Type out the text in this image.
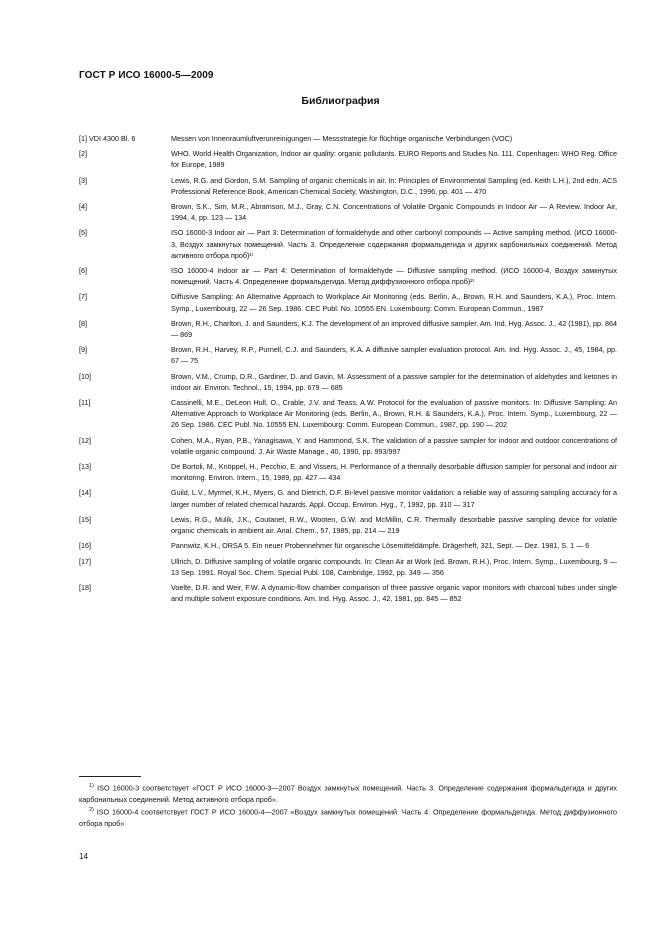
ГОСТ Р ИСО 16000-5—2009
Библиография
[1] VDI 4300 Bl. 6	Messen von Innenraumluftverunreinigungen — Messstrategie für flüchtige organische Verbindungen (VOC)
[2]	WHO. World Health Organization, Indoor air quality: organic pollutants. EURO Reports and Studies No. 111. Copenhagen: WHO Reg. Office for Europe, 1989
[3]	Lewis, R.G. and Gordon, S.M. Sampling of organic chemicals in air. In: Principles of Environmental Sampling (ed. Keith L.H.), 2nd edn. ACS Professional Reference Book, American Chemical Society, Washington, D.C., 1996, pp. 401 — 470
[4]	Brown, S.K., Sim, M.R., Abramson, M.J., Gray, C.N. Concentrations of Volatile Organic Compounds in Indoor Air — A Review. Indoor Air, 1994, 4, pp. 123 — 134
[5]	ISO 16000-3 Indoor air — Part 3: Determination of formaldehyde and other carbonyl compounds — Active sampling method. (ИСО 16000-3, Воздух замкнутых помещений. Часть 3. Определение содержания формальдегида и других карбонильных соединений. Метод активного отбора проб)¹⁾
[6]	ISO 16000-4 Indoor air — Part 4: Determination of formaldehyde — Diffusive sampling method. (ИСО 16000-4, Воздух замкнутых помещений. Часть 4. Определение формальдегида. Метод диффузионного отбора проб)²⁾
[7]	Diffusive Sampling: An Alternative Approach to Workplace Air Monitoring (eds. Berlin, A., Brown, R.H. and Saunders, K.A.), Proc. Intern. Symp., Luxembourg, 22 — 26 Sep. 1986. CEC Publ. No. 10555 EN. Luxembourg: Comm. European Commun., 1987
[8]	Brown, R.H., Charlton, J. and Saunders, K.J. The development of an improved diffusive sampler. Am. Ind. Hyg. Assoc. J., 42 (1981), pp. 864 — 869
[9]	Brown, R.H., Harvey, R.P., Purnell, C.J. and Saunders, K.A. A diffusive sampler evaluation protocol. Am. Ind. Hyg. Assoc. J., 45, 1984, pp. 67 — 75
[10]	Brown, V.M., Crump, D.R., Gardiner, D. and Gavin, M. Assessment of a passive sampler for the determination of aldehydes and ketones in indoor air. Environ. Technol., 15, 1994, pp. 679 — 685
[11]	Cassinelli, M.E., DeLeon Hull, O., Crable, J.V. and Teass, A.W. Protocol for the evaluation of passive monitors. In: Diffusive Sampling: An Alternative Approach to Workplace Air Monitoring (eds. Berlin, A., Brown, R.H. & Saunders, K.A.), Proc. Intern. Symp., Luxembourg, 22 — 26 Sep. 1986. CEC Publ. No. 10555 EN. Luxembourg: Comm. European Commun., 1987, pp. 190 — 202
[12]	Cohen, M.A., Ryan, P.B., Yanagisawa, Y. and Hammond, S.K. The validation of a passive sampler for indoor and outdoor concentrations of volatile organic compound. J. Air Waste Manage., 40, 1990, pp. 993/997
[13]	De Bortoli, M., Knöppel, H., Pecchio, E. and Vissers, H. Performance of a thermally desorbable diffusion sampler for personal and indoor air monitoring. Environ. Intern., 15, 1989, pp. 427 — 434
[14]	Guild, L.V., Myrmel, K.H., Myers, G. and Dietrich, D.F. Bi-level passive monitor validation: a reliable way of assuring sampling accuracy for a larger number of related chemical hazards. Appl. Occup. Environ. Hyg., 7, 1992, pp. 310 — 317
[15]	Lewis, R.G., Mulik, J.K., Coutanet, R.W., Wooten, G.W. and McMillin, C.R. Thermally desorbable passive sampling device for volatile organic chemicals in ambient air. Anal. Chem., 57, 1985, pp. 214 — 219
[16]	Pannwitz, K.H., ORSA 5. Ein neuer Probennehmer für organische Lösemitteldämpfe. Drägerheft, 321, Sept. — Dez. 1981, S. 1 — 6
[17]	Ullrich, D. Diffusive sampling of volatile organic compounds. In: Clean Air at Work (ed. Brown, R.H.), Proc. Intern. Symp., Luxembourg, 9 — 13 Sep. 1991. Royal Soc. Chem. Special Publ. 108, Cambridge, 1992, pp. 349 — 356
[18]	Voelte, D.R. and Weir, F.W. A dynamic-flow chamber comparison of three passive organic vapor monitors with charcoal tubes under single and multiple solvent exposure conditions. Am. Ind. Hyg. Assoc. J., 42, 1981, pp. 845 — 852

$^{1)}$ ISO 16000-3 соответствует «ГОСТ Р ИСО 16000-3—2007 Воздух замкнутых помещений. Часть 3. Определение содержания формальдегида и других карбонильных соединений. Метод активного отбора проб».

$^{2)}$ ISO 16000-4 соответствует ГОСТ Р ИСО 16000-4—2007 «Воздух замкнутых помещений. Часть 4. Определение формальдегида. Метод диффузионного отбора проб»

14
